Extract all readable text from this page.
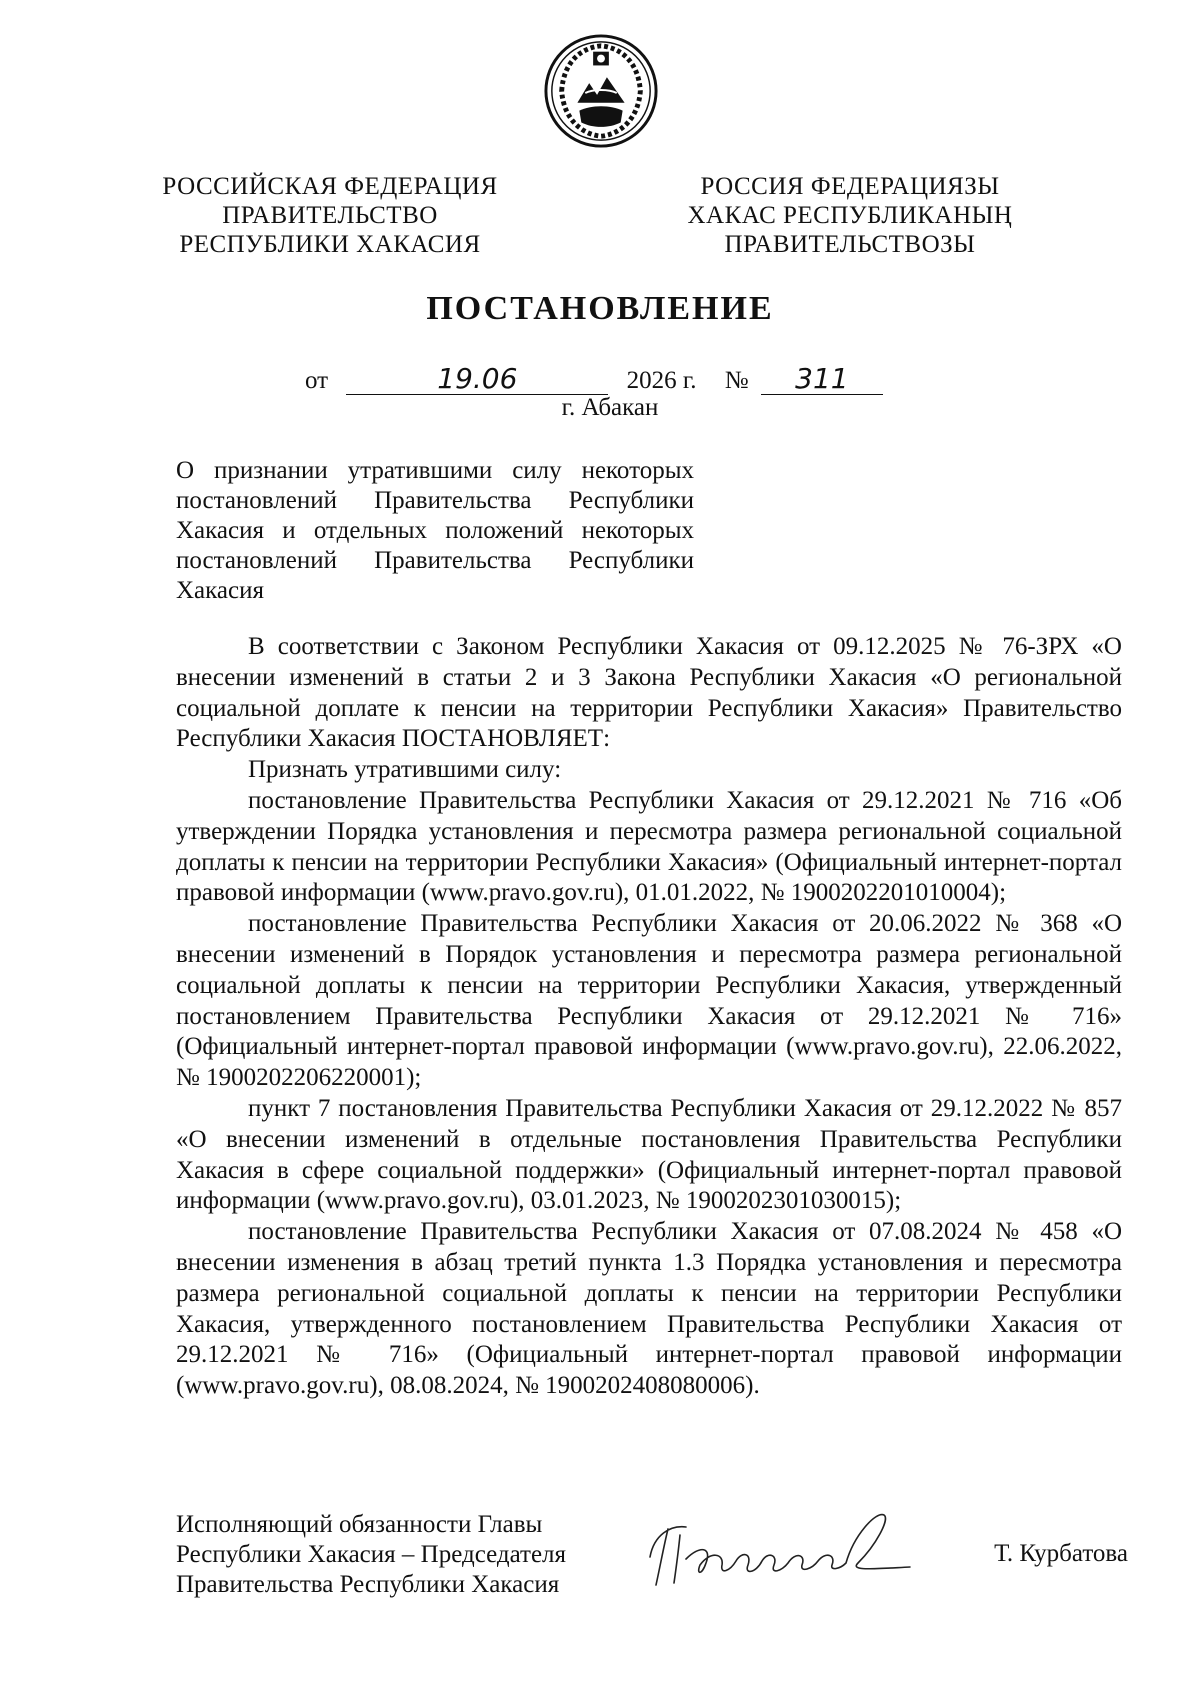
РОССИЙСКАЯ ФЕДЕРАЦИЯ
ПРАВИТЕЛЬСТВО
РЕСПУБЛИКИ ХАКАСИЯ
РОССИЯ ФЕДЕРАЦИЯЗЫ
ХАКАС РЕСПУБЛИКАНЫҢ
ПРАВИТЕЛЬСТВОЗЫ
ПОСТАНОВЛЕНИЕ
от	19.06	2026 г. № 311
г. Абакан
О признании утратившими силу некоторых
постановлений Правительства Республики
Хакасия и отдельных положений некоторых
постановлений Правительства Республики
Хакасия

В соответствии с Законом Республики Хакасия от 09.12.2025 № 76-ЗРХ «О внесении изменений в статьи 2 и 3 Закона Республики Хакасия «О региональной социальной доплате к пенсии на территории Республики Хакасия» Правительство Республики Хакасия ПОСТАНОВЛЯЕТ:

Признать утратившими силу:

постановление Правительства Республики Хакасия от 29.12.2021 № 716 «Об утверждении Порядка установления и пересмотра размера региональной социальной доплаты к пенсии на территории Республики Хакасия» (Официальный интернет-портал правовой информации (www.pravo.gov.ru), 01.01.2022, № 1900202201010004);

постановление Правительства Республики Хакасия от 20.06.2022 № 368 «О внесении изменений в Порядок установления и пересмотра размера региональной социальной доплаты к пенсии на территории Республики Хакасия, утвержденный постановлением Правительства Республики Хакасия от 29.12.2021 № 716» (Официальный интернет-портал правовой информации (www.pravo.gov.ru), 22.06.2022, № 1900202206220001);

пункт 7 постановления Правительства Республики Хакасия от 29.12.2022 № 857 «О внесении изменений в отдельные постановления Правительства Республики Хакасия в сфере социальной поддержки» (Официальный интернет-портал правовой информации (www.pravo.gov.ru), 03.01.2023, № 1900202301030015);

постановление Правительства Республики Хакасия от 07.08.2024 № 458 «О внесении изменения в абзац третий пункта 1.3 Порядка установления и пересмотра размера региональной социальной доплаты к пенсии на территории Республики Хакасия, утвержденного постановлением Правительства Республики Хакасия от 29.12.2021 № 716» (Официальный интернет-портал правовой информации (www.pravo.gov.ru), 08.08.2024, № 1900202408080006).

Исполняющий обязанности Главы
Республики Хакасия – Председателя
Правительства Республики Хакасия
Т. Курбатова
